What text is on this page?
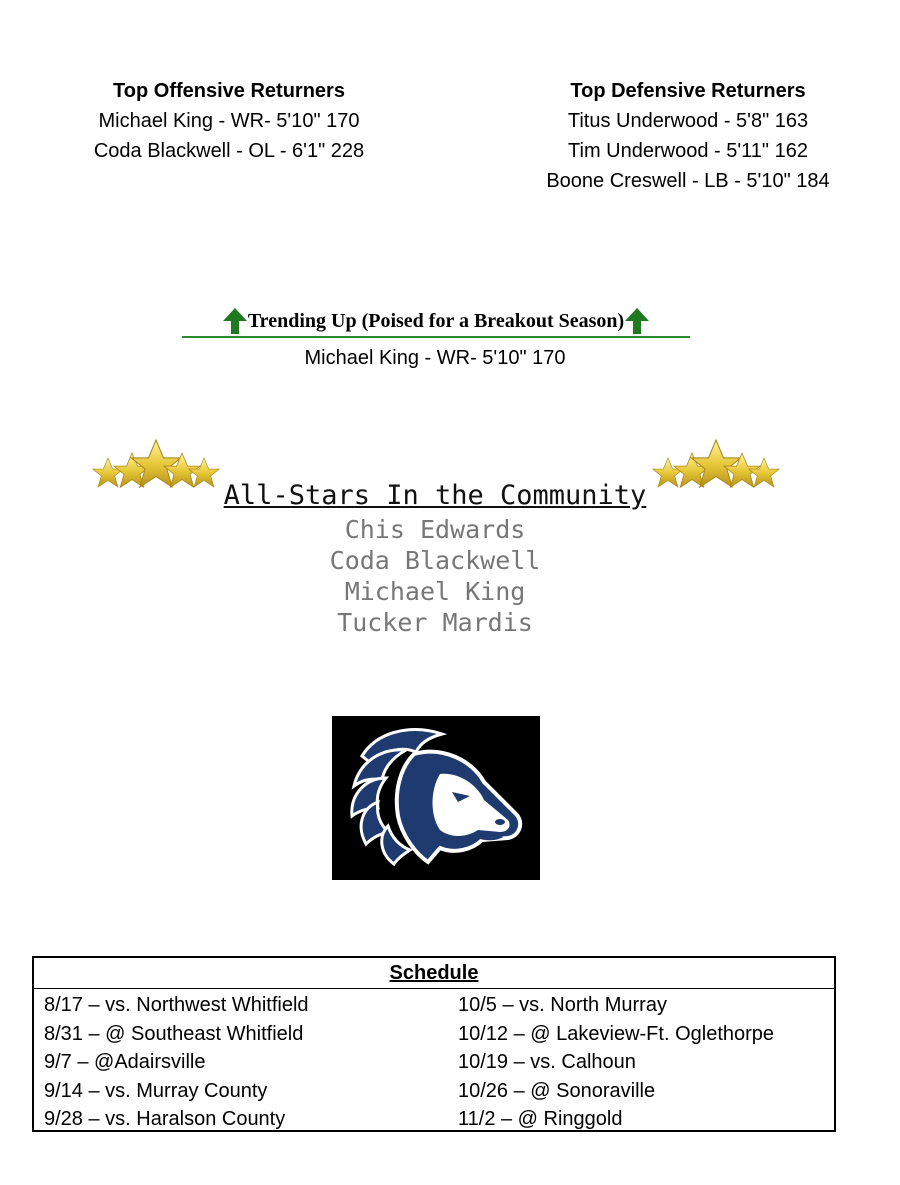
Top Offensive Returners
Michael King - WR- 5'10" 170
Coda Blackwell - OL - 6'1" 228
Top Defensive Returners
Titus Underwood - 5'8" 163
Tim Underwood - 5'11" 162
Boone Creswell - LB - 5'10" 184
Trending Up (Poised for a Breakout Season)
Michael King - WR- 5'10" 170
All-Stars In the Community
Chis Edwards
Coda Blackwell
Michael King
Tucker Mardis
Schedule
8/17 – vs. Northwest Whitfield
8/31 – @ Southeast Whitfield
9/7 – @Adairsville
9/14 – vs. Murray County
9/28 – vs. Haralson County
10/5 – vs. North Murray
10/12 – @ Lakeview-Ft. Oglethorpe
10/19 – vs. Calhoun
10/26 – @ Sonoraville
11/2 – @ Ringgold
